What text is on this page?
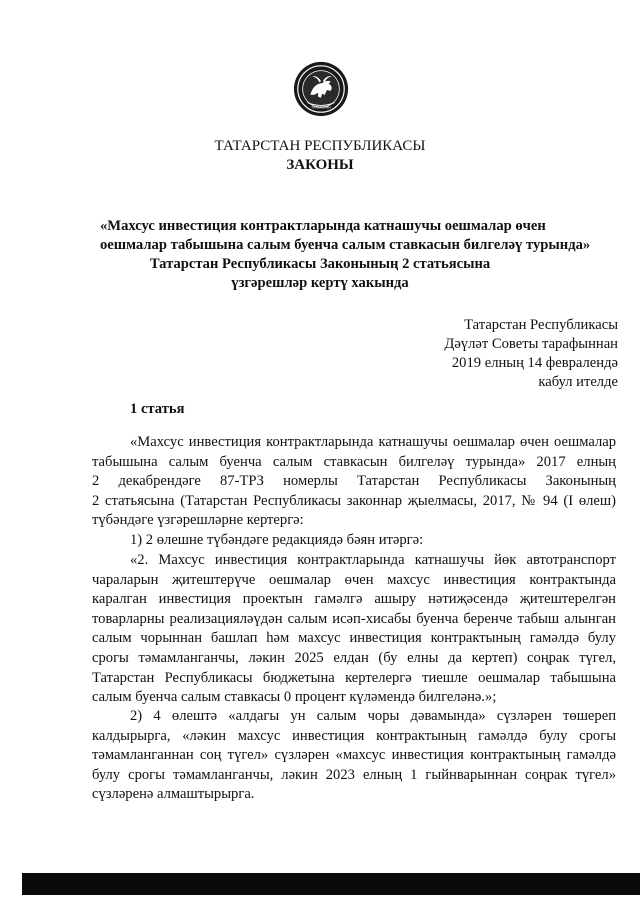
ТАТАРСТАН
ТАТАРСТАН РЕСПУБЛИКАСЫ
ЗАКОНЫ
«Махсус инвестиция контрактларында катнашучы оешмалар өчен
оешмалар табышына салым буенча салым ставкасын билгеләү турында»
Татарстан Республикасы Законының 2 статьясына
үзгәрешләр кертү хакында
Татарстан Республикасы
Дәүләт Советы тарафыннан
2019 елның 14 февралендә
кабул ителде
1 статья
«Махсус инвестиция контрактларында катнашучы оешмалар өчен оешмалар
табышына салым буенча салым ставкасын билгеләү турында» 2017 елның
2 декабрендәге 87-ТРЗ номерлы Татарстан Республикасы Законының
2 статьясына (Татарстан Республикасы законнар җыелмасы, 2017, № 94 (I өлеш)
түбәндәге үзгәрешләрне кертергә:
1) 2 өлешне түбәндәге редакциядә бәян итәргә:
«2. Махсус инвестиция контрактларында катнашучы йөк автотранспорт
чараларын җитештерүче оешмалар өчен махсус инвестиция контрактында
каралган инвестиция проектын гамәлгә ашыру нәтиҗәсендә җитештерелгән
товарларны реализацияләүдән салым исәп-хисабы буенча беренче табыш алынган
салым чорыннан башлап һәм махсус инвестиция контрактының гамәлдә булу
срогы тәмамланганчы, ләкин 2025 елдан (бу елны да кертеп) соңрак түгел,
Татарстан Республикасы бюджетына кертелергә тиешле оешмалар табышына
салым буенча салым ставкасы 0 процент күләмендә билгеләнә.»;
2) 4 өлештә «алдагы ун салым чоры дәвамында» сүзләрен төшереп
калдырырга, «ләкин махсус инвестиция контрактының гамәлдә булу срогы
тәмамланганнан соң түгел» сүзләрен «махсус инвестиция контрактының гамәлдә
булу срогы тәмамланганчы, ләкин 2023 елның 1 гыйнварыннан соңрак түгел»
сүзләренә алмаштырырга.
